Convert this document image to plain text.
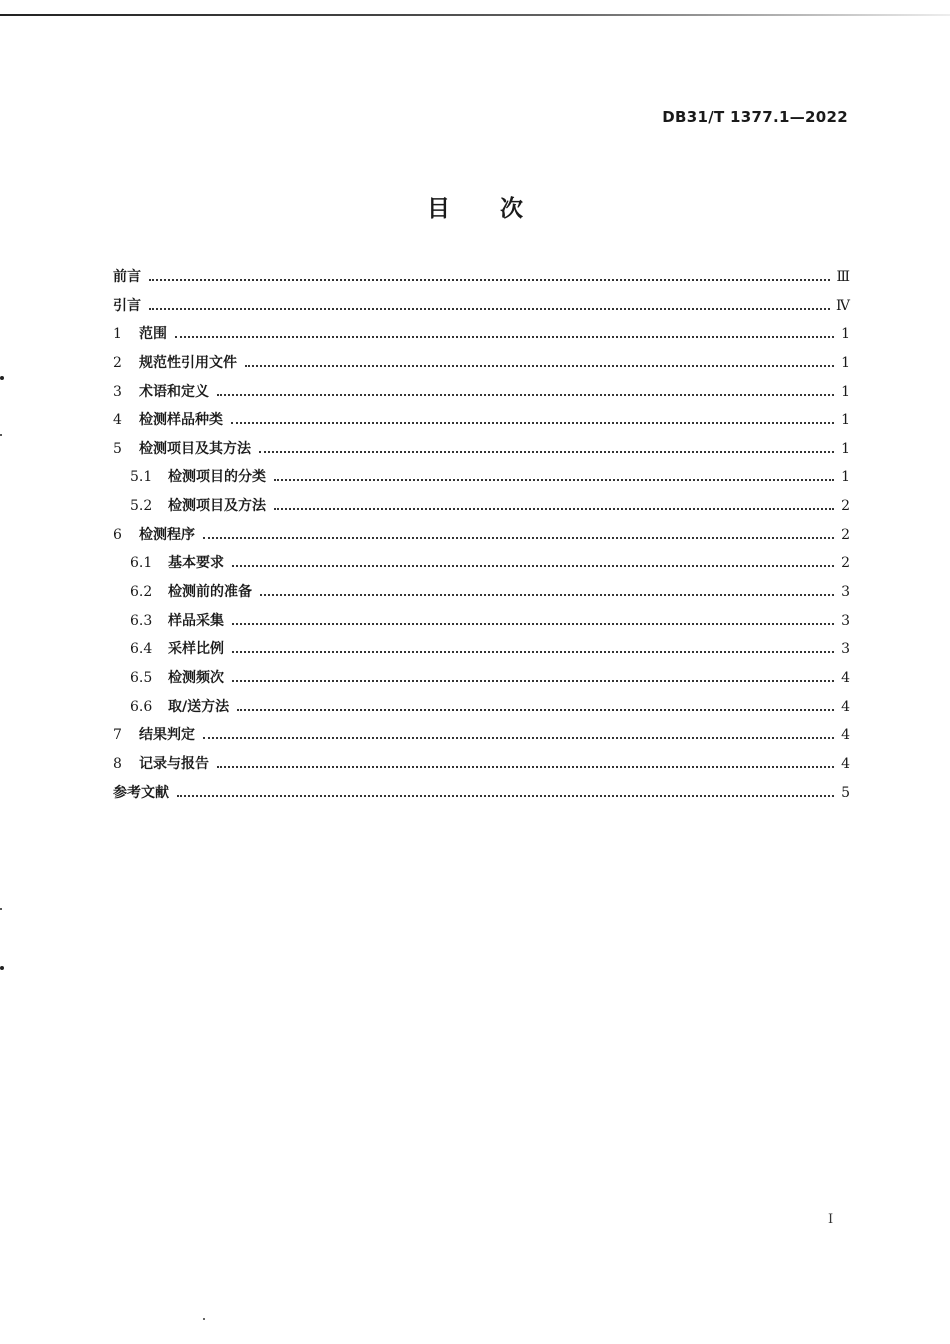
DB31/T 1377.1—2022
目次
前言	Ⅲ
引言	Ⅳ
1	范围	1
2	规范性引用文件	1
3	术语和定义	1
4	检测样品种类	1
5	检测项目及其方法	1
5.1	检测项目的分类	1
5.2	检测项目及方法	2
6	检测程序	2
6.1	基本要求	2
6.2	检测前的准备	3
6.3	样品采集	3
6.4	采样比例	3
6.5	检测频次	4
6.6	取/送方法	4
7	结果判定	4
8	记录与报告	4
参考文献	5
I
